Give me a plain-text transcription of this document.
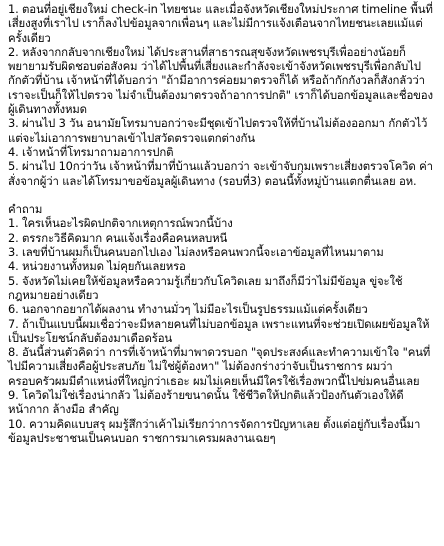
1. ตอนที่อยู่เชียงใหม่ check-in ไทยชนะ และเมื่อจังหวัดเชียงใหม่ประกาศ timeline พื้นที่เสี่ยงสูงที่เราไป เราก็ลงไปข้อมูลจากเพื่อนๆ และไม่มีการแจ้งเตือนจากไทยชนะเลยแม้แต่ครั้งเดียว

2. หลังจากกลับจากเชียงใหม่ ได้ประสานที่สาธารณสุขจังหวัดเพชรบุรีเพื่ออย่างน้อยก็พยายามรับผิดชอบต่อสังคม ว่าได้ไปพื้นที่เสี่ยงและกำลังจะเข้าจังหวัดเพชรบุรีเพื่อกลับไปกักตัวที่บ้าน เจ้าหน้าที่ได้บอกว่า "ถ้ามีอาการค่อยมาตรวจก็ได้ หรือถ้ากักกังวลก็สังกลัวว่าเราจะเป็นก็ให้ไปตรวจ ไม่จำเป็นต้องมาตรวจถ้าอาการปกติ" เราก็ได้บอกข้อมูลและชื่อของผู้เดินทางทั้งหมด

3. ผ่านไป 3 วัน อนามัยโทรมาบอกว่าจะมีชุดเข้าไปตรวจให้ที่บ้านไม่ต้องออกมา กักตัวไว้ แต่จะไม่เอาการพยาบาลเข้าไปสวัดตรวจแตกต่างกัน

4. เจ้าหน้าที่โทรมาถามอาการปกติ

5. ผ่านไป 10กว่าวัน เจ้าหน้าที่มาที่บ้านแล้วบอกว่า จะเข้าจับกุมเพราะเสี่ยงตรวจโควิด ค่าสั่งจากผู้ว่า และได้โทรมาขอข้อมูลผู้เดินทาง (รอบที่3) ตอนนี้ทั้งหมู่บ้านแตกตื่นเลย อห.

คำถาม

1. ใครเห็นอะไรผิดปกติจากเหตุการณ์พวกนี้บ้าง

2. ตรรกะวิธีคิดมาก คนแจ้งเรื่องคือคนหลบหนี

3. เลขที่บ้านผมก็เป็นคนบอกไปเอง ไม่ลงหรือคนพวกนี้จะเอาข้อมูลที่ไหนมาตาม

4. หน่วยงานทั้งหมด ไม่คุยกันเลยหรอ

5. จังหวัดไม่เคยให้ข้อมูลหรือความรู้เกี่ยวกับโควิดเลย มาถึงก็มีว่าไม่มีข้อมูล ขู่จะใช้กฎหมายอย่างเดียว

6. นอกจากอยากได้ผลงาน ทำงานมั่วๆ ไม่มีอะไรเป็นรูปธรรมแม้แต่ครั้งเดียว

7. ถ้าเป็นแบบนี้ผมเชื่อว่าจะมีหลายคนที่ไม่บอกข้อมูล เพราะแทนที่จะช่วยเปิดเผยข้อมูลให้เป็นประโยชน์กลับต้องมาเดือดร้อน

8. อันนี้ส่วนตัวคิดว่า การที่เจ้าหน้าที่มาพาดวรบอก "จุดประสงค์และทำความเข้าใจ "คนที่ไปมีความเสี่ยงคือผู้ประสบภัย ไม่ใช่ผู้ต้องหา" ไม่ต้องกร่างว่าจับเป็นราชการ ผมว่าครอบครัวผมมีตำแหน่งที่ใหญ่กว่าเธอะ ผมไม่เคยเห็นมีใครใช้เรื่องพวกนี้ไปข่มคนอื่นเลย

9. โควิดไม่ใช่เรื่องน่ากลัว ไม่ต้องร้ายขนาดนั้น ใช้ชีวิตให้ปกติแล้วป้องกันตัวเองให้ดี หน้ากาก ล้างมือ สำคัญ

10. ความคิดแบบสรุ ผมรู้สึกว่าเค้าไม่เรียกว่าการจัดการปัญหาเลย ตั้งแต่อยู่กับเรื่องนี้มา ข้อมูลประชาชนเป็นคนบอก ราชการมาเครมผลงานเฉยๆ
